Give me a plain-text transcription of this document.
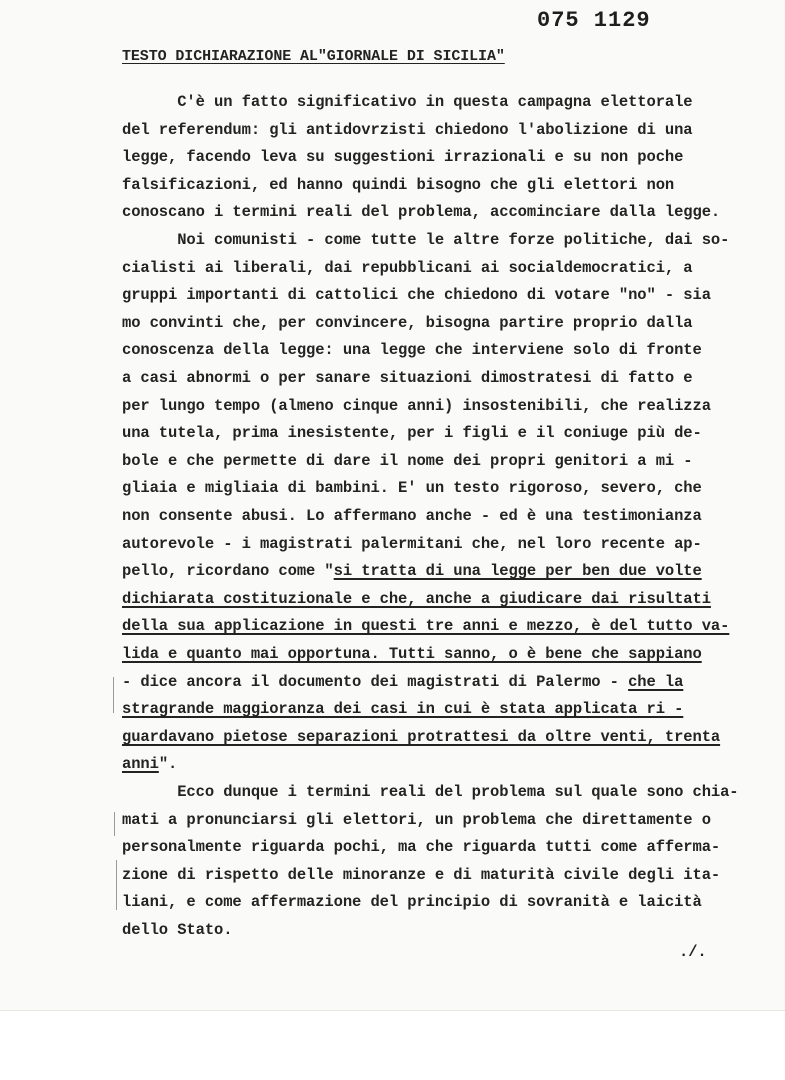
075 1129
TESTO DICHIARAZIONE AL"GIORNALE DI SICILIA"
C'è un fatto significativo in questa campagna elettorale
del referendum: gli antidovrzisti chiedono l'abolizione di una
legge, facendo leva su suggestioni irrazionali e su non poche
falsificazioni, ed hanno quindi bisogno che gli elettori non
conoscano i termini reali del problema, accominciare dalla legge.
Noi comunisti - come tutte le altre forze politiche, dai so-
cialisti ai liberali, dai repubblicani ai socialdemocratici, a
gruppi importanti di cattolici che chiedono di votare "no" - sia
mo convinti che, per convincere, bisogna partire proprio dalla
conoscenza della legge: una legge che interviene solo di fronte
a casi abnormi o per sanare situazioni dimostratesi di fatto e
per lungo tempo (almeno cinque anni) insostenibili, che realizza
una tutela, prima inesistente, per i figli e il coniuge più de-
bole e che permette di dare il nome dei propri genitori a mi -
gliaia e migliaia di bambini. E' un testo rigoroso, severo, che
non consente abusi. Lo affermano anche - ed è una testimonianza
autorevole - i magistrati palermitani che, nel loro recente ap-
pello, ricordano come "si tratta di una legge per ben due volte
dichiarata costituzionale e che, anche a giudicare dai risultati
della sua applicazione in questi tre anni e mezzo, è del tutto va-
lida e quanto mai opportuna. Tutti sanno, o è bene che sappiano
- dice ancora il documento dei magistrati di Palermo - che la
stragrande maggioranza dei casi in cui è stata applicata ri -
guardavano pietose separazioni protrattesi da oltre venti, trenta
anni".
Ecco dunque i termini reali del problema sul quale sono chia-
mati a pronunciarsi gli elettori, un problema che direttamente o
personalmente riguarda pochi, ma che riguarda tutti come afferma-
zione di rispetto delle minoranze e di maturità civile degli ita-
liani, e come affermazione del principio di sovranità e laicità
dello Stato.
./.
